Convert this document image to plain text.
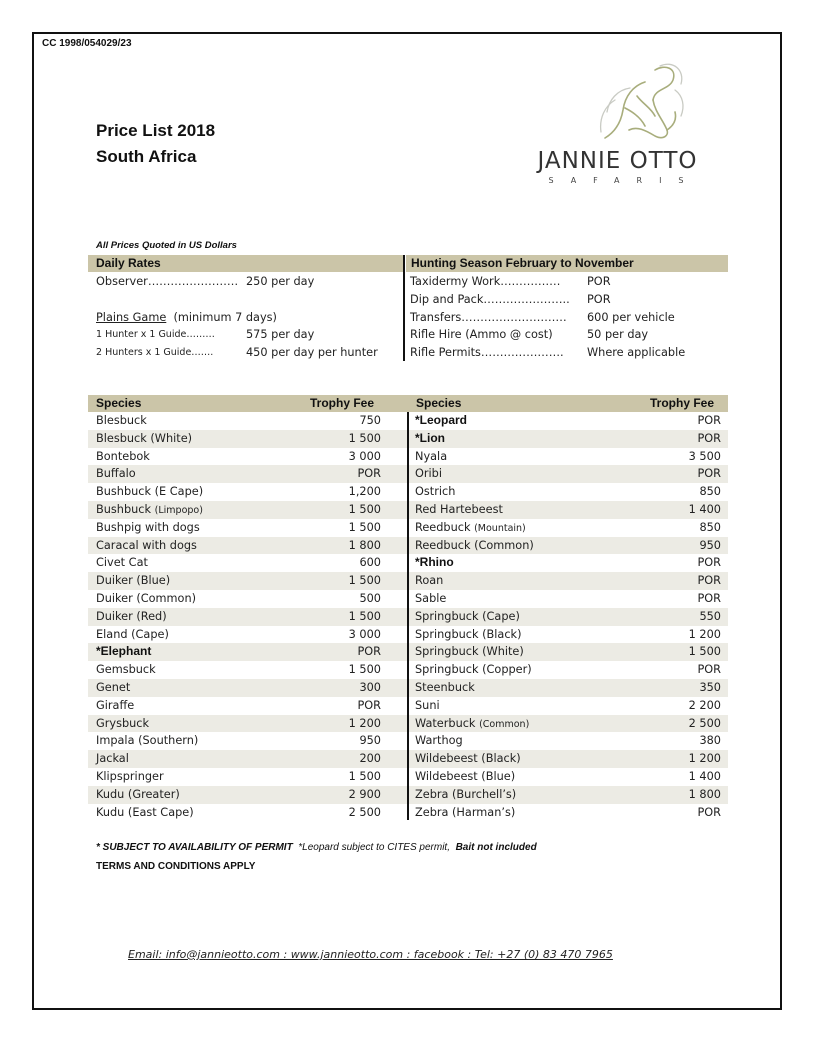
CC 1998/054029/23
Price List 2018
South Africa	JANNIE OTTO
SAFARIS
All Prices Quoted in US Dollars
Daily Rates	Hunting Season February to November
Observer…………………… 250 per day
Plains Game (minimum 7 days)
1 Hunter x 1 Guide………	575 per day
2 Hunters x 1 Guide…….	450 per day per hunter
Taxidermy Work……………. POR
Dip and Pack………………….. POR
Transfers………………………. 600 per vehicle
Rifle Hire (Ammo @ cost)	50 per day
Rifle Permits…………………. Where applicable
Species	Trophy Fee	Species	Trophy Fee
Blesbuck	750	*Leopard	POR
Blesbuck (White)	1 500	*Lion	POR
Bontebok	3 000	Nyala	3 500
Buffalo	POR	Oribi	POR
Bushbuck (E Cape)	1,200	Ostrich	850
Bushbuck (Limpopo)	1 500	Red Hartebeest	1 400
Bushpig with dogs	1 500	Reedbuck (Mountain)	850
Caracal with dogs	1 800	Reedbuck (Common)	950
Civet Cat	600	*Rhino	POR
Duiker (Blue)	1 500	Roan	POR
Duiker (Common)	500	Sable	POR
Duiker (Red)	1 500	Springbuck (Cape)	550
Eland (Cape)	3 000	Springbuck (Black)	1 200
*Elephant	POR	Springbuck (White)	1 500
Gemsbuck	1 500	Springbuck (Copper)	POR
Genet	300	Steenbuck	350
Giraffe	POR	Suni	2 200
Grysbuck	1 200	Waterbuck (Common)	2 500
Impala (Southern)	950	Warthog	380
Jackal	200	Wildebeest (Black)	1 200
Klipspringer	1 500	Wildebeest (Blue)	1 400
Kudu (Greater)	2 900	Zebra (Burchell’s)	1 800
Kudu (East Cape)	2 500	Zebra (Harman’s)	POR
* SUBJECT TO AVAILABILITY OF PERMIT *Leopard subject to CITES permit, Bait not included
TERMS AND CONDITIONS APPLY
Email: info@jannieotto.com : www.jannieotto.com : facebook : Tel: +27 (0) 83 470 7965
